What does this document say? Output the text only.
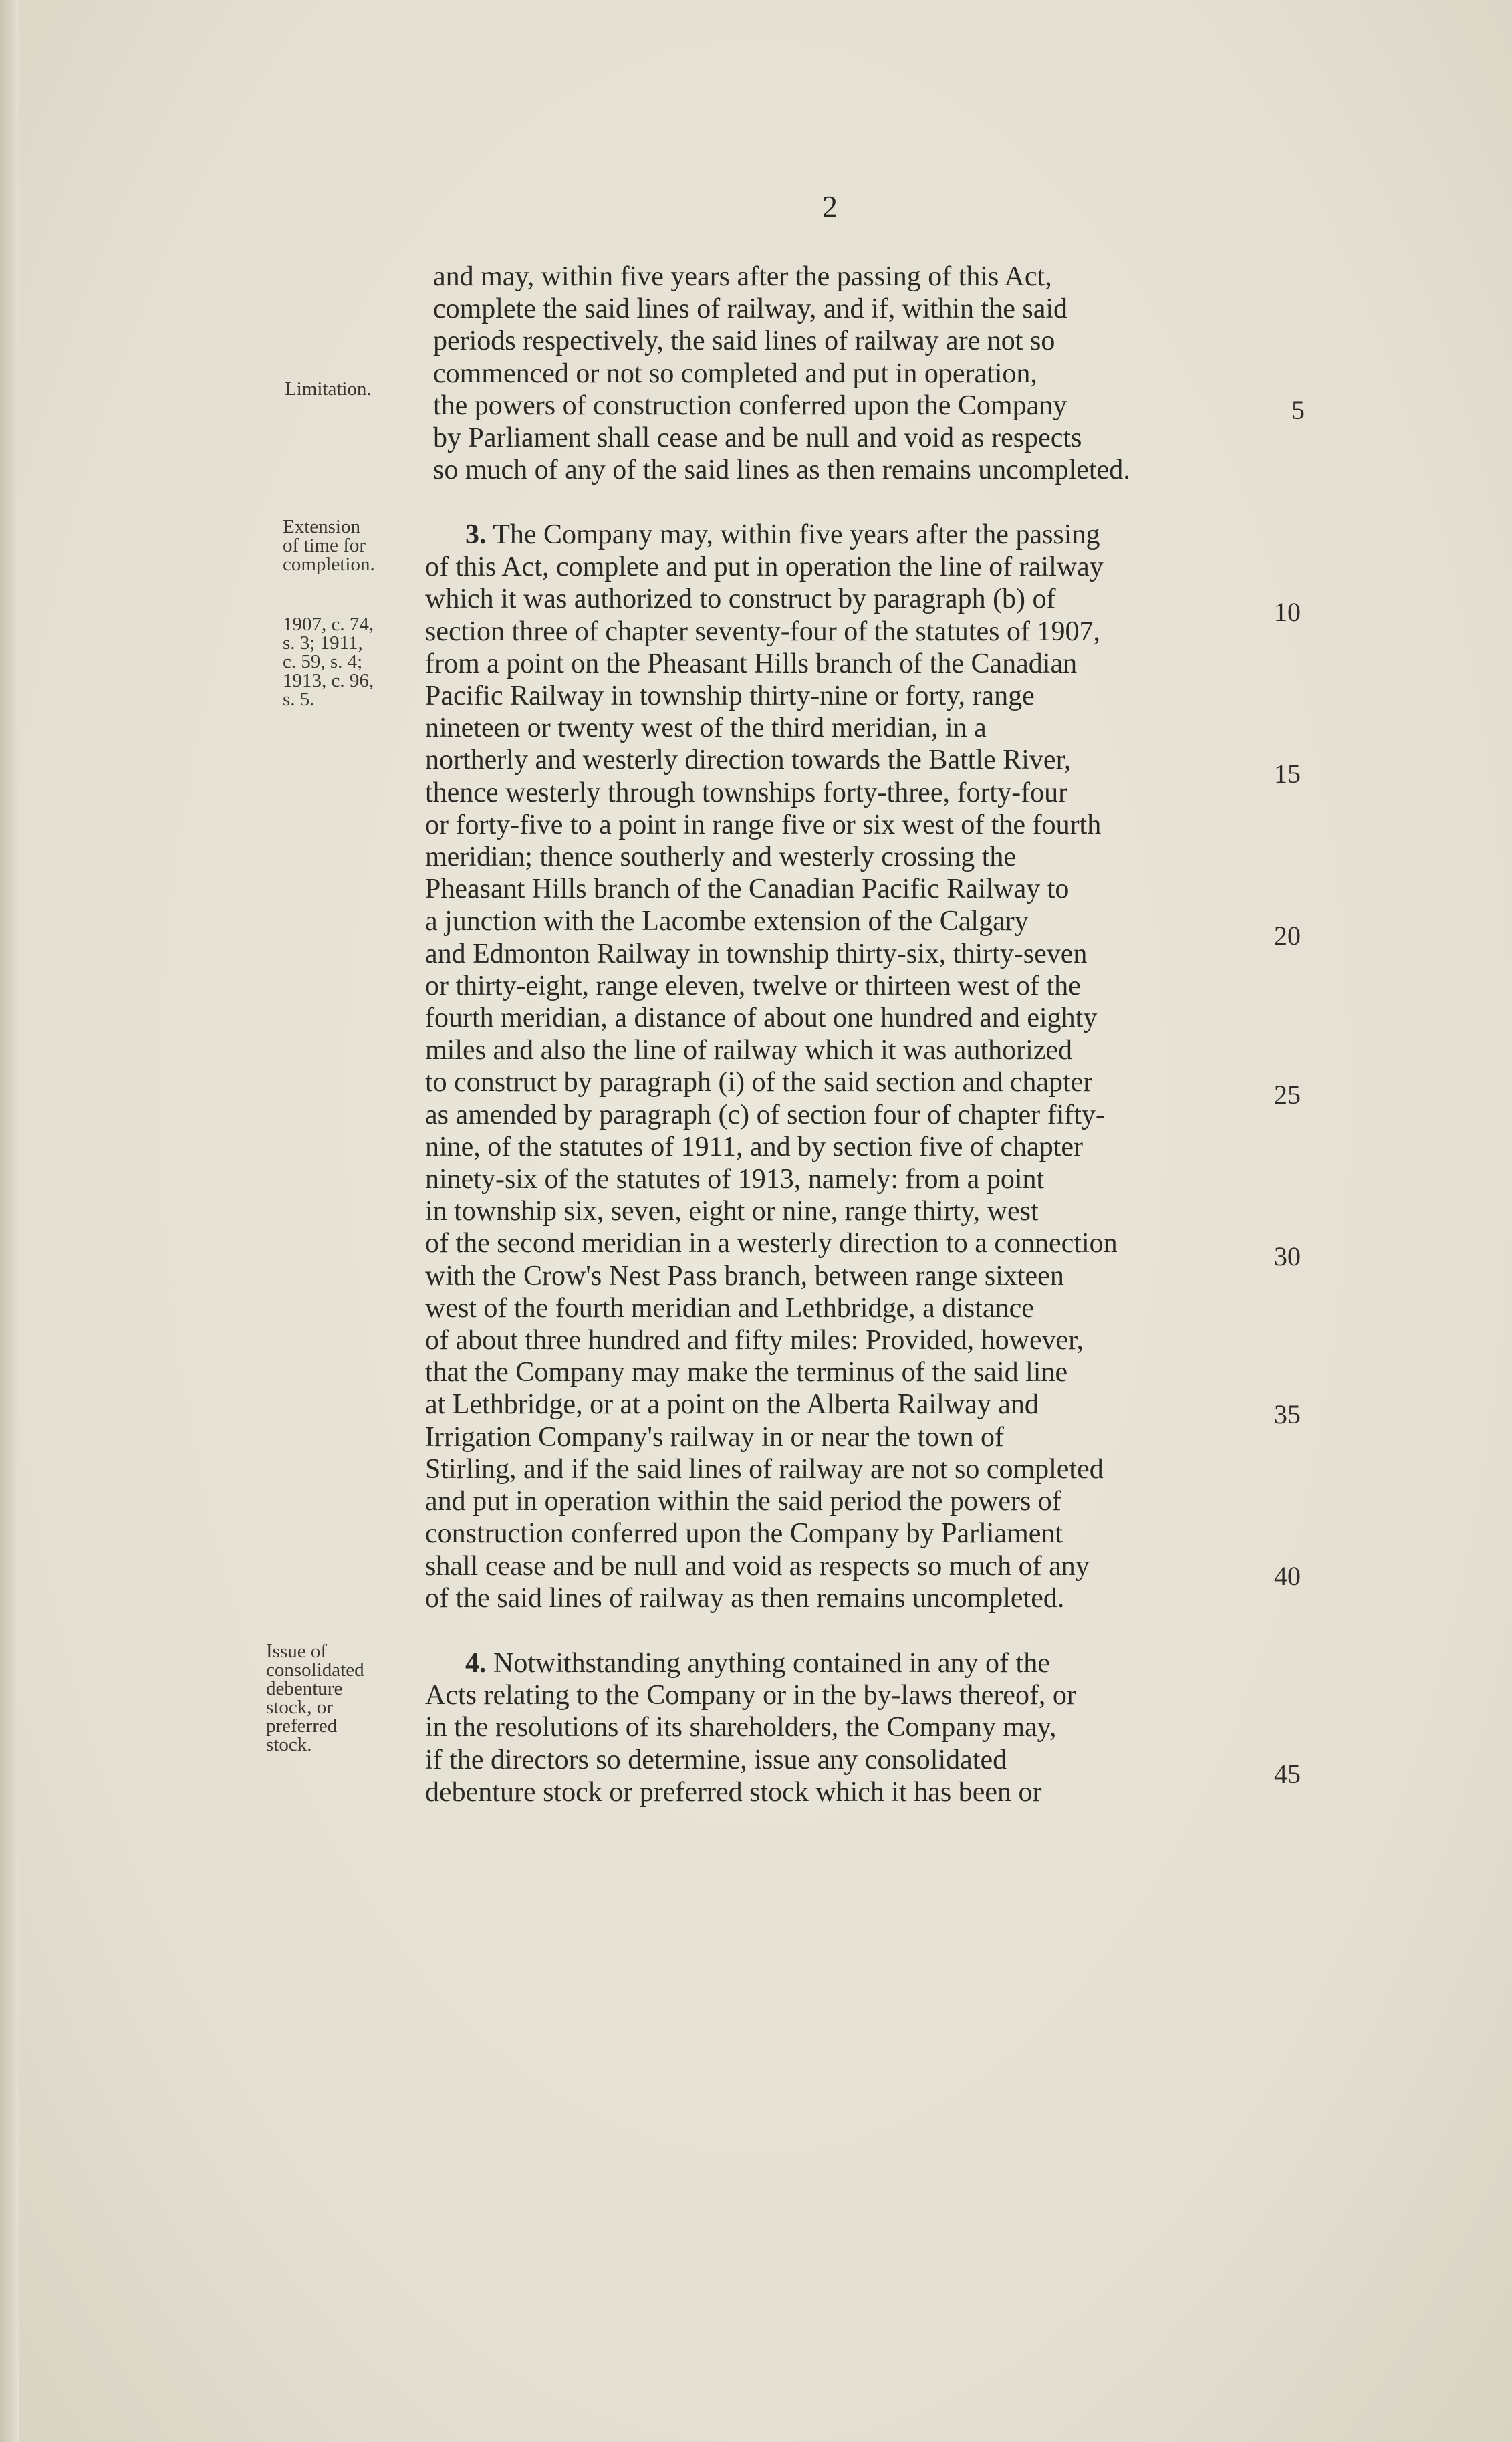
2
Limitation.
Extension
of time for
completion.
1907, c. 74,
s. 3; 1911,
c. 59, s. 4;
1913, c. 96,
s. 5.
Issue of
consolidated
debenture
stock, or
preferred
stock.
and may, within five years after the passing of this Act,
complete the said lines of railway, and if, within the said
periods respectively, the said lines of railway are not so
commenced or not so completed and put in operation,
the powers of construction conferred upon the Company
by Parliament shall cease and be null and void as respects
so much of any of the said lines as then remains uncompleted.
3. The Company may, within five years after the passing
of this Act, complete and put in operation the line of railway
which it was authorized to construct by paragraph (b) of
section three of chapter seventy-four of the statutes of 1907,
from a point on the Pheasant Hills branch of the Canadian
Pacific Railway in township thirty-nine or forty, range
nineteen or twenty west of the third meridian, in a
northerly and westerly direction towards the Battle River,
thence westerly through townships forty-three, forty-four
or forty-five to a point in range five or six west of the fourth
meridian; thence southerly and westerly crossing the
Pheasant Hills branch of the Canadian Pacific Railway to
a junction with the Lacombe extension of the Calgary
and Edmonton Railway in township thirty-six, thirty-seven
or thirty-eight, range eleven, twelve or thirteen west of the
fourth meridian, a distance of about one hundred and eighty
miles and also the line of railway which it was authorized
to construct by paragraph (i) of the said section and chapter
as amended by paragraph (c) of section four of chapter fifty-
nine, of the statutes of 1911, and by section five of chapter
ninety-six of the statutes of 1913, namely: from a point
in township six, seven, eight or nine, range thirty, west
of the second meridian in a westerly direction to a connection
with the Crow's Nest Pass branch, between range sixteen
west of the fourth meridian and Lethbridge, a distance
of about three hundred and fifty miles: Provided, however,
that the Company may make the terminus of the said line
at Lethbridge, or at a point on the Alberta Railway and
Irrigation Company's railway in or near the town of
Stirling, and if the said lines of railway are not so completed
and put in operation within the said period the powers of
construction conferred upon the Company by Parliament
shall cease and be null and void as respects so much of any
of the said lines of railway as then remains uncompleted.
4. Notwithstanding anything contained in any of the
Acts relating to the Company or in the by-laws thereof, or
in the resolutions of its shareholders, the Company may,
if the directors so determine, issue any consolidated
debenture stock or preferred stock which it has been or
5
10
15
20
25
30
35
40
45
